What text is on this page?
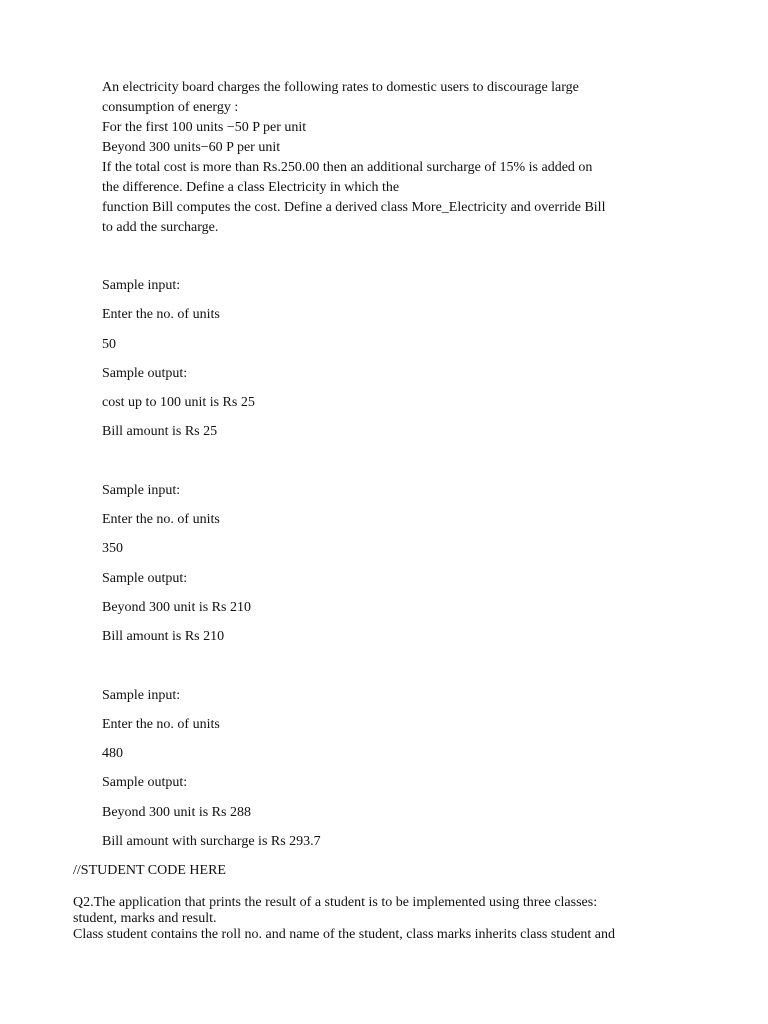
An electricity board charges the following rates to domestic users to discourage large
consumption of energy :
For the first 100 units −50 P per unit
Beyond 300 units−60 P per unit
If the total cost is more than Rs.250.00 then an additional surcharge of 15% is added on
the difference. Define a class Electricity in which the
function Bill computes the cost. Define a derived class More_Electricity and override Bill
to add the surcharge.
Sample input:
Enter the no. of units
50
Sample output:
cost up to 100 unit is Rs 25
Bill amount is Rs 25
Sample input:
Enter the no. of units
350
Sample output:
Beyond 300 unit is Rs 210
Bill amount is Rs 210
Sample input:
Enter the no. of units
480
Sample output:
Beyond 300 unit is Rs 288
Bill amount with surcharge is Rs 293.7
//STUDENT CODE HERE
Q2.The application that prints the result of a student is to be implemented using three classes:
student, marks and result.
Class student contains the roll no. and name of the student, class marks inherits class student and
